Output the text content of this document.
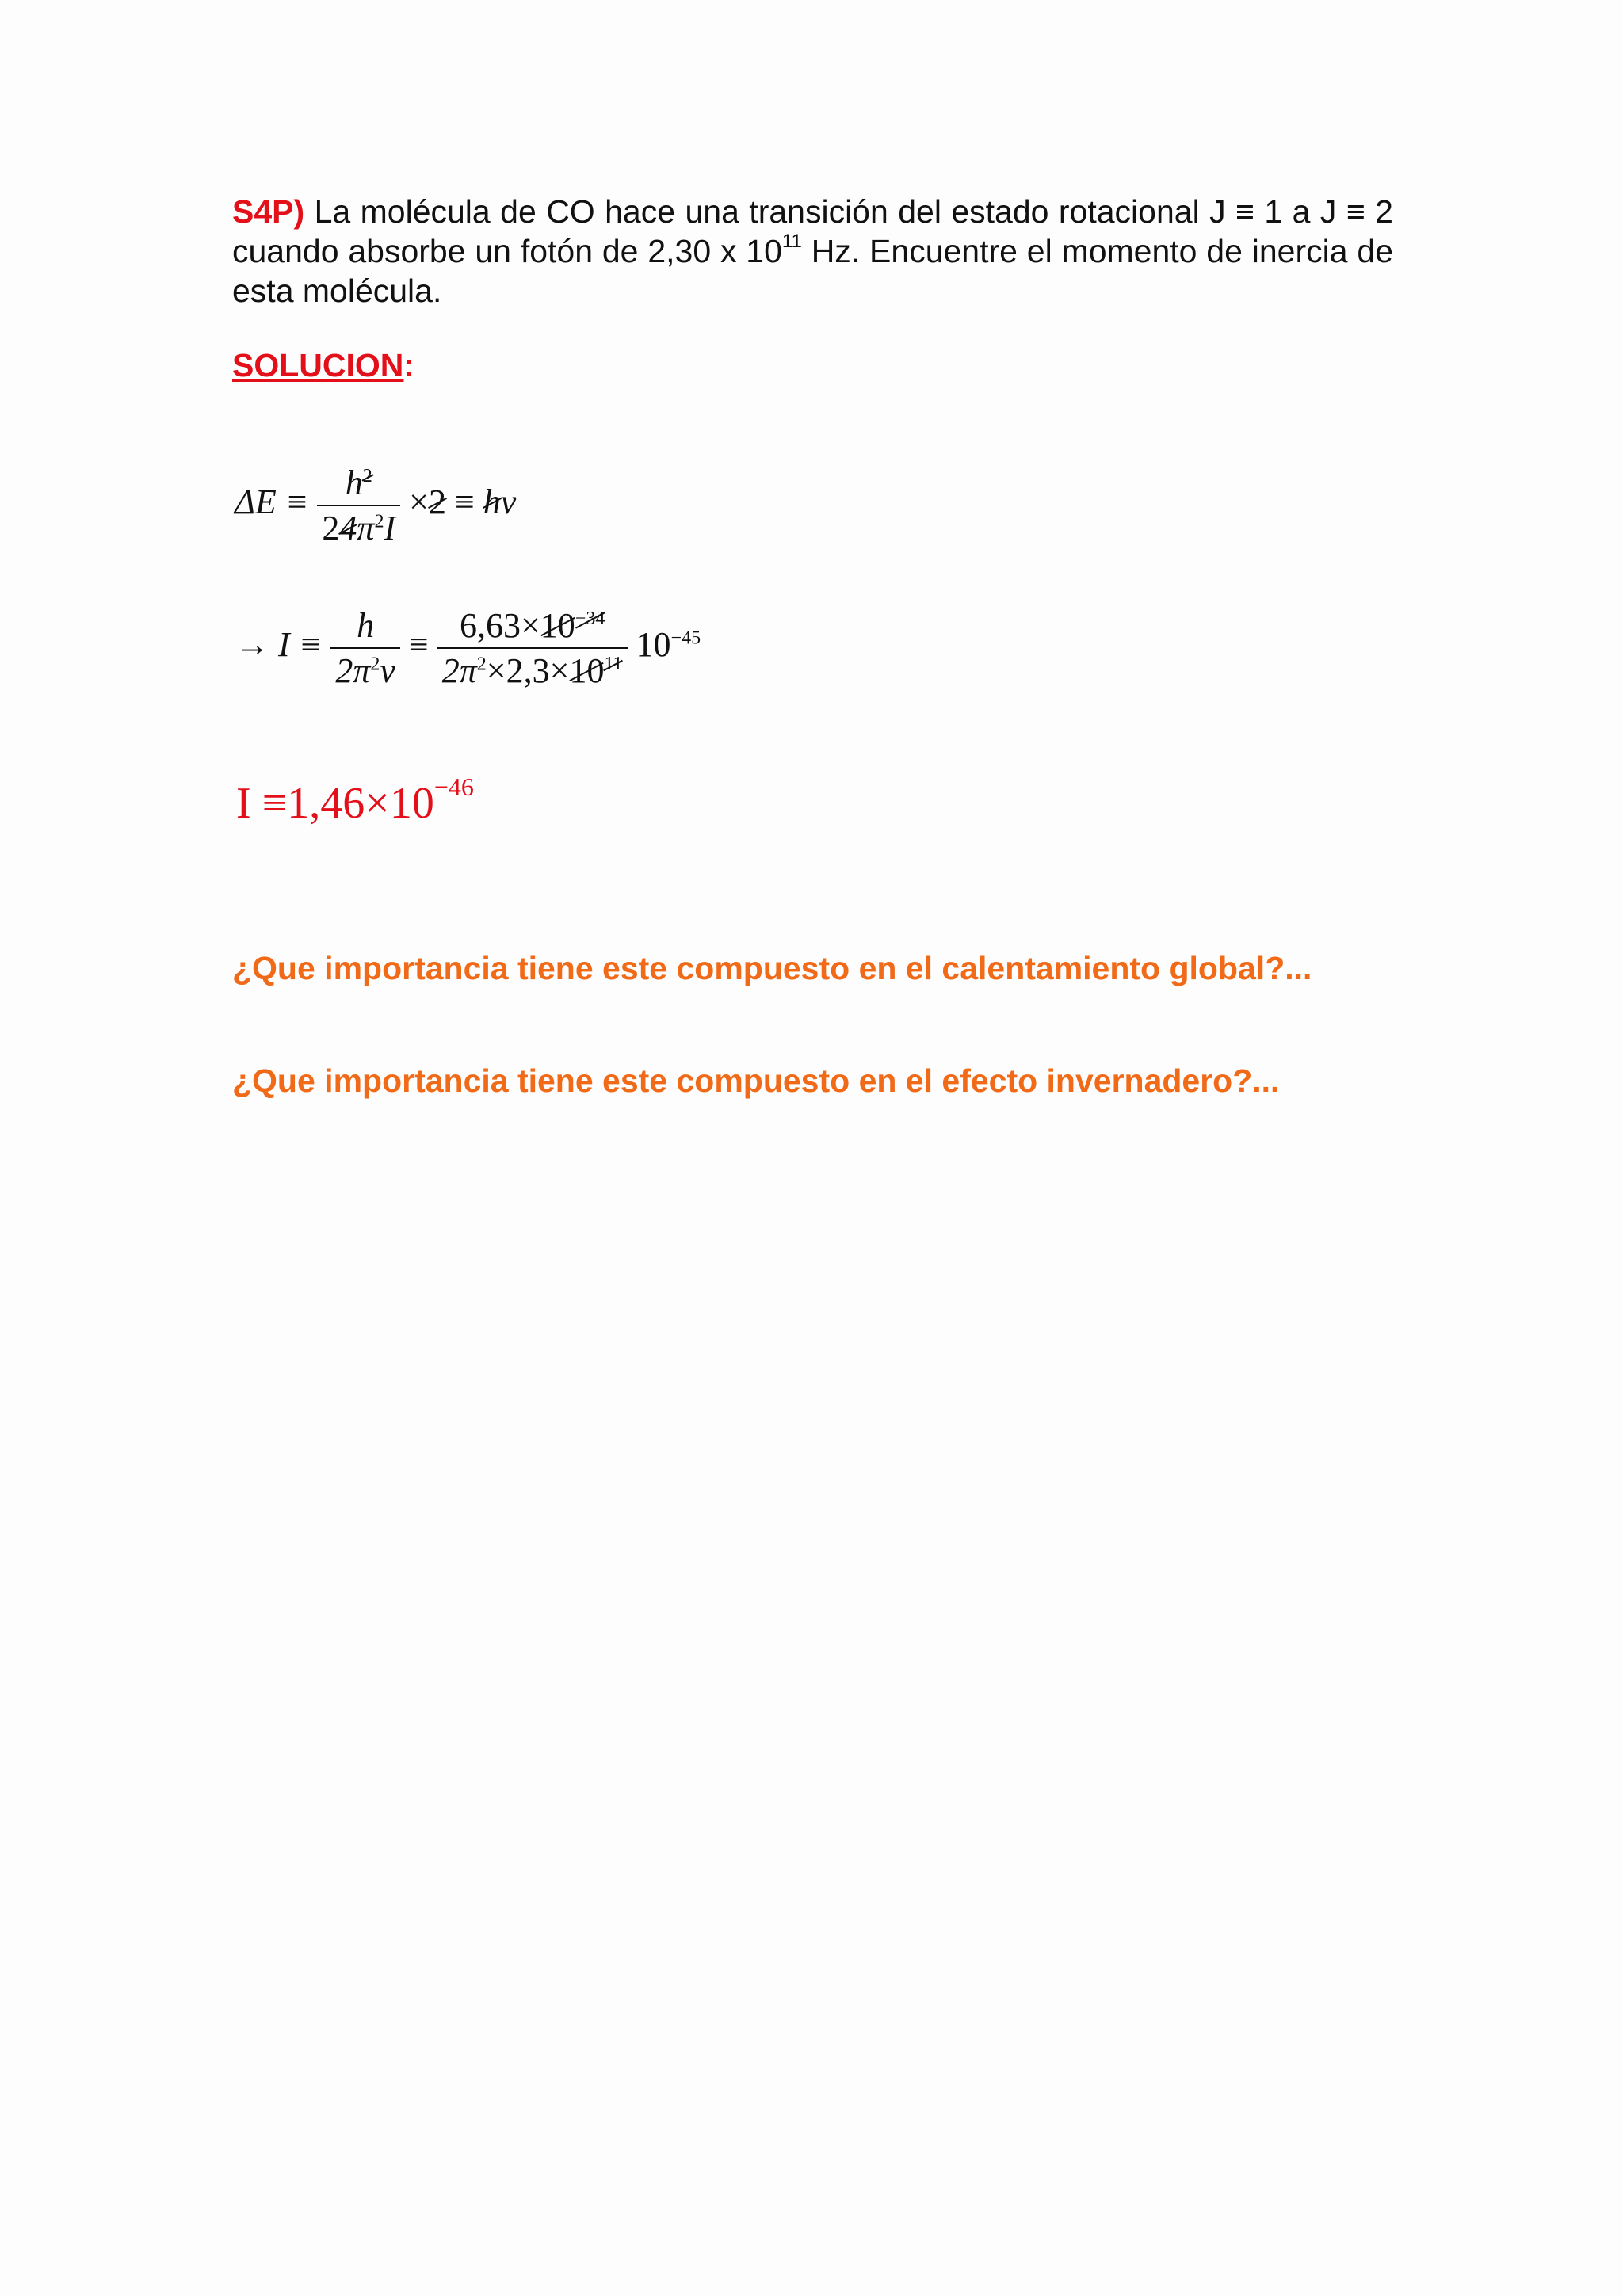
S4P) La molécula de CO hace una transición del estado rotacional J ≡ 1 a J ≡ 2 cuando absorbe un fotón de 2,30 x $10^{11}$ Hz. Encuentre el momento de inercia de esta molécula.
SOLUCION:
$\Delta E \equiv \frac{h2}{24\pi^2I} \times 2 \equiv h\nu$
→ $I \equiv \frac{h}{2\pi^2\nu} \equiv \frac{6,63\times 10-34}{2\pi^2\times 2,3\times 1011} 10^{-45}$
$I \equiv 1,46\times 10^{-46}$
¿Que importancia tiene este compuesto en el calentamiento global?...
¿Que importancia tiene este compuesto en el efecto invernadero?...
